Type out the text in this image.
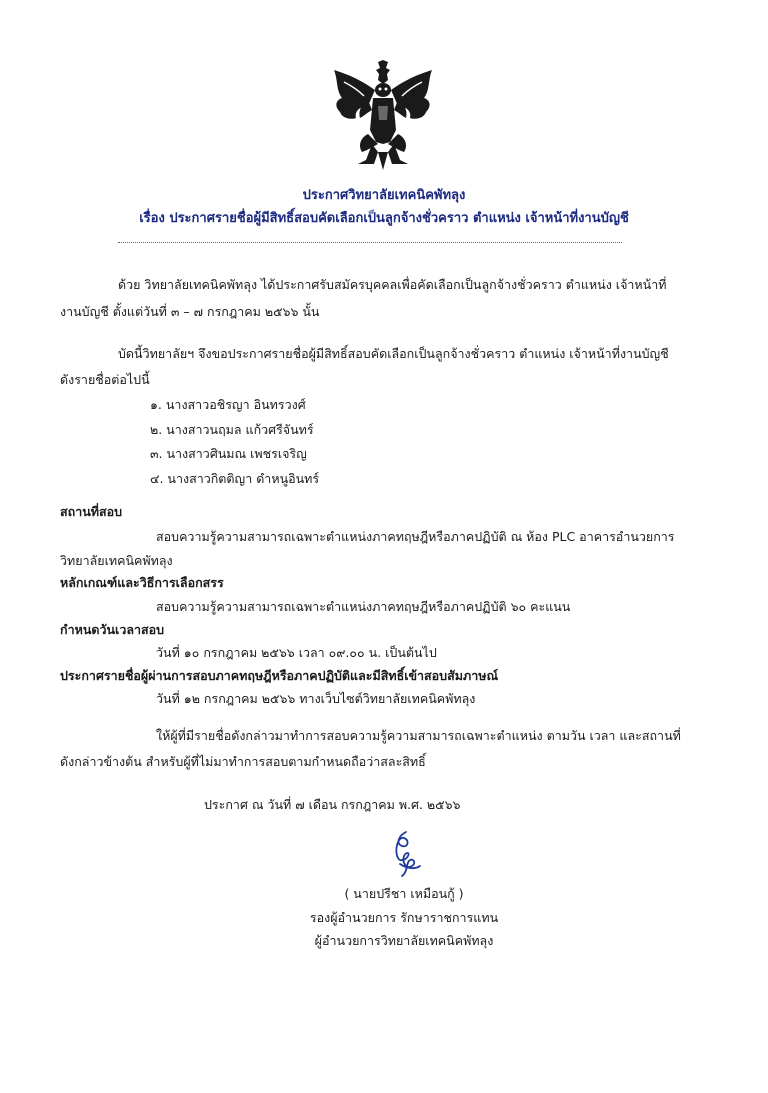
ประกาศวิทยาลัยเทคนิคพัทลุง
เรื่อง ประกาศรายชื่อผู้มีสิทธิ์สอบคัดเลือกเป็นลูกจ้างชั่วคราว ตำแหน่ง เจ้าหน้าที่งานบัญชี
ด้วย วิทยาลัยเทคนิคพัทลุง ได้ประกาศรับสมัครบุคคลเพื่อคัดเลือกเป็นลูกจ้างชั่วคราว ตำแหน่ง เจ้าหน้าที่
งานบัญชี ตั้งแต่วันที่ ๓ – ๗ กรกฎาคม ๒๕๖๖ นั้น
บัดนี้วิทยาลัยฯ จึงขอประกาศรายชื่อผู้มีสิทธิ์สอบคัดเลือกเป็นลูกจ้างชั่วคราว ตำแหน่ง เจ้าหน้าที่งานบัญชี
ดังรายชื่อต่อไปนี้
๑. นางสาวอชิรญา อินทรวงศ์
๒. นางสาวนฤมล แก้วศรีจันทร์
๓. นางสาวศินมณ เพชรเจริญ
๔. นางสาวกิตติญา ดำหนูอินทร์
สถานที่สอบ
สอบความรู้ความสามารถเฉพาะตำแหน่งภาคทฤษฎีหรือภาคปฏิบัติ ณ ห้อง PLC อาคารอำนวยการ
วิทยาลัยเทคนิคพัทลุง
หลักเกณฑ์และวิธีการเลือกสรร
สอบความรู้ความสามารถเฉพาะตำแหน่งภาคทฤษฎีหรือภาคปฏิบัติ ๖๐ คะแนน
กำหนดวันเวลาสอบ
วันที่ ๑๐ กรกฎาคม ๒๕๖๖ เวลา ๐๙.๐๐ น. เป็นต้นไป
ประกาศรายชื่อผู้ผ่านการสอบภาคทฤษฎีหรือภาคปฏิบัติและมีสิทธิ์เข้าสอบสัมภาษณ์
วันที่ ๑๒ กรกฎาคม ๒๕๖๖ ทางเว็บไซต์วิทยาลัยเทคนิคพัทลุง
ให้ผู้ที่มีรายชื่อดังกล่าวมาทำการสอบความรู้ความสามารถเฉพาะตำแหน่ง ตามวัน เวลา และสถานที่
ดังกล่าวข้างต้น สำหรับผู้ที่ไม่มาทำการสอบตามกำหนดถือว่าสละสิทธิ์
ประกาศ ณ วันที่ ๗ เดือน กรกฎาคม พ.ศ. ๒๕๖๖
( นายปรีชา เหมือนกู้ )
รองผู้อำนวยการ รักษาราชการแทน
ผู้อำนวยการวิทยาลัยเทคนิคพัทลุง
